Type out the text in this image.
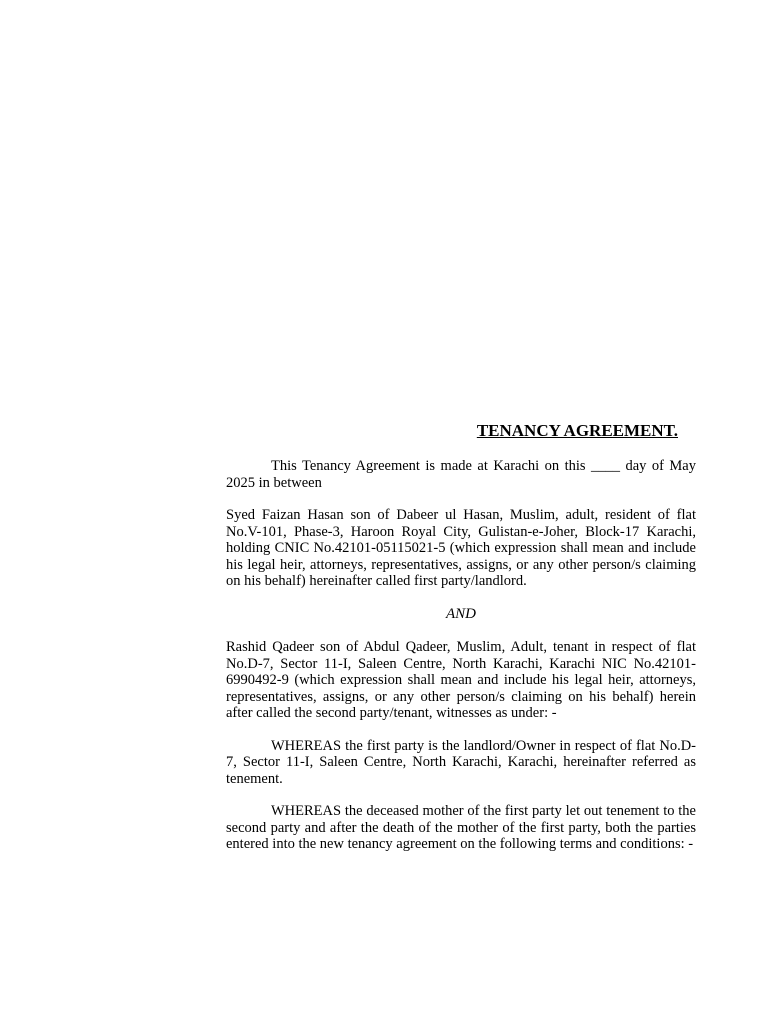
TENANCY AGREEMENT.

This Tenancy Agreement is made at Karachi on this ____ day of May 2025 in between

Syed Faizan Hasan son of Dabeer ul Hasan, Muslim, adult, resident of flat No.V-101, Phase-3, Haroon Royal City, Gulistan-e-Joher, Block-17 Karachi, holding CNIC No.42101-05115021-5 (which expression shall mean and include his legal heir, attorneys, representatives, assigns, or any other person/s claiming on his behalf) hereinafter called first party/landlord.

AND

Rashid Qadeer son of Abdul Qadeer, Muslim, Adult, tenant in respect of flat No.D-7, Sector 11-I, Saleen Centre, North Karachi, Karachi NIC No.42101-6990492-9 (which expression shall mean and include his legal heir, attorneys, representatives, assigns, or any other person/s claiming on his behalf) herein after called the second party/tenant, witnesses as under: -

WHEREAS the first party is the landlord/Owner in respect of flat No.D-7, Sector 11-I, Saleen Centre, North Karachi, Karachi, hereinafter referred as tenement.

WHEREAS the deceased mother of the first party let out tenement to the second party and after the death of the mother of the first party, both the parties entered into the new tenancy agreement on the following terms and conditions: -
